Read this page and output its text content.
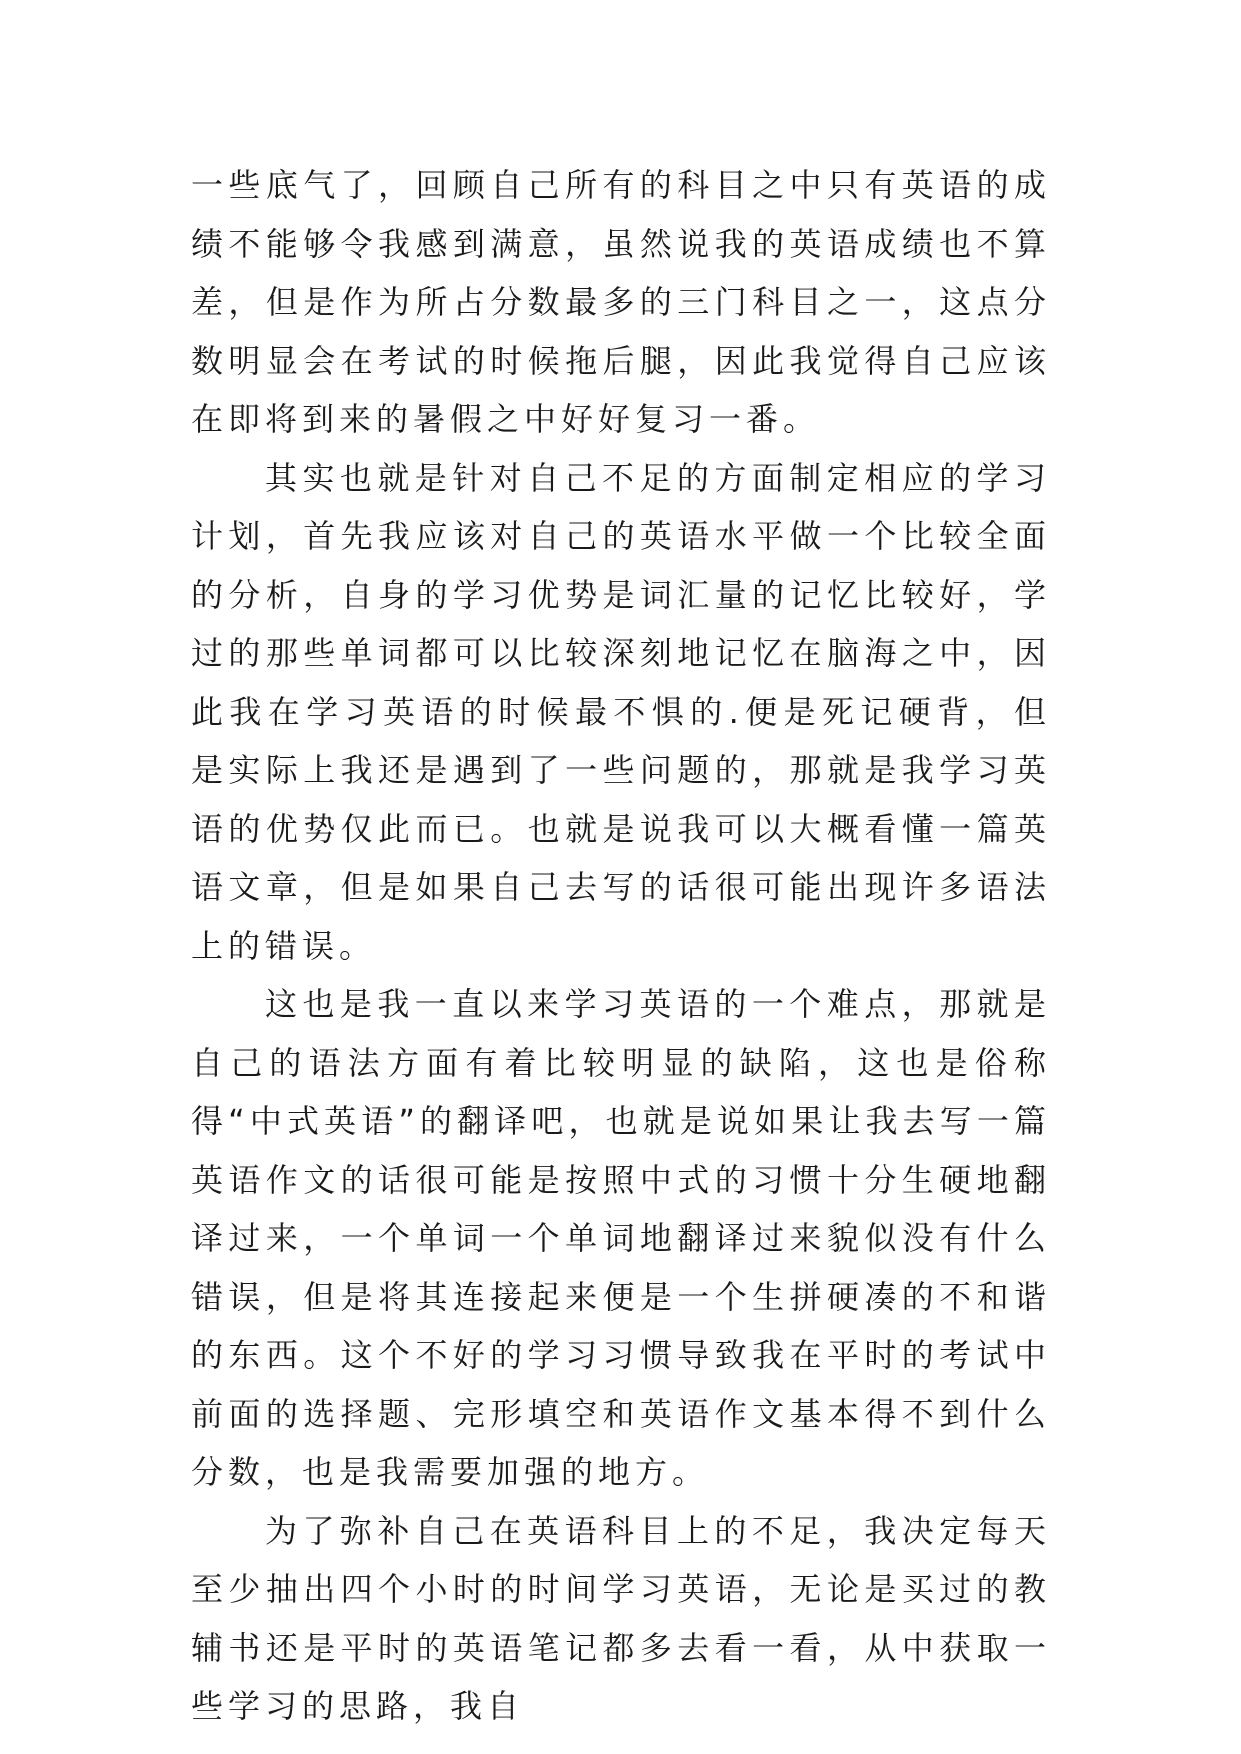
一些底气了，回顾自己所有的科目之中只有英语的成绩不能够令我感到满意，虽然说我的英语成绩也不算差，但是作为所占分数最多的三门科目之一，这点分数明显会在考试的时候拖后腿，因此我觉得自己应该在即将到来的暑假之中好好复习一番。

其实也就是针对自己不足的方面制定相应的学习计划，首先我应该对自己的英语水平做一个比较全面的分析，自身的学习优势是词汇量的记忆比较好，学过的那些单词都可以比较深刻地记忆在脑海之中，因此我在学习英语的时候最不惧的.便是死记硬背，但是实际上我还是遇到了一些问题的，那就是我学习英语的优势仅此而已。也就是说我可以大概看懂一篇英语文章，但是如果自己去写的话很可能出现许多语法上的错误。

这也是我一直以来学习英语的一个难点，那就是自己的语法方面有着比较明显的缺陷，这也是俗称得“中式英语”的翻译吧，也就是说如果让我去写一篇英语作文的话很可能是按照中式的习惯十分生硬地翻译过来，一个单词一个单词地翻译过来貌似没有什么错误，但是将其连接起来便是一个生拼硬凑的不和谐的东西。这个不好的学习习惯导致我在平时的考试中前面的选择题、完形填空和英语作文基本得不到什么分数，也是我需要加强的地方。

为了弥补自己在英语科目上的不足，我决定每天至少抽出四个小时的时间学习英语，无论是买过的教辅书还是平时的英语笔记都多去看一看，从中获取一些学习的思路，我自
